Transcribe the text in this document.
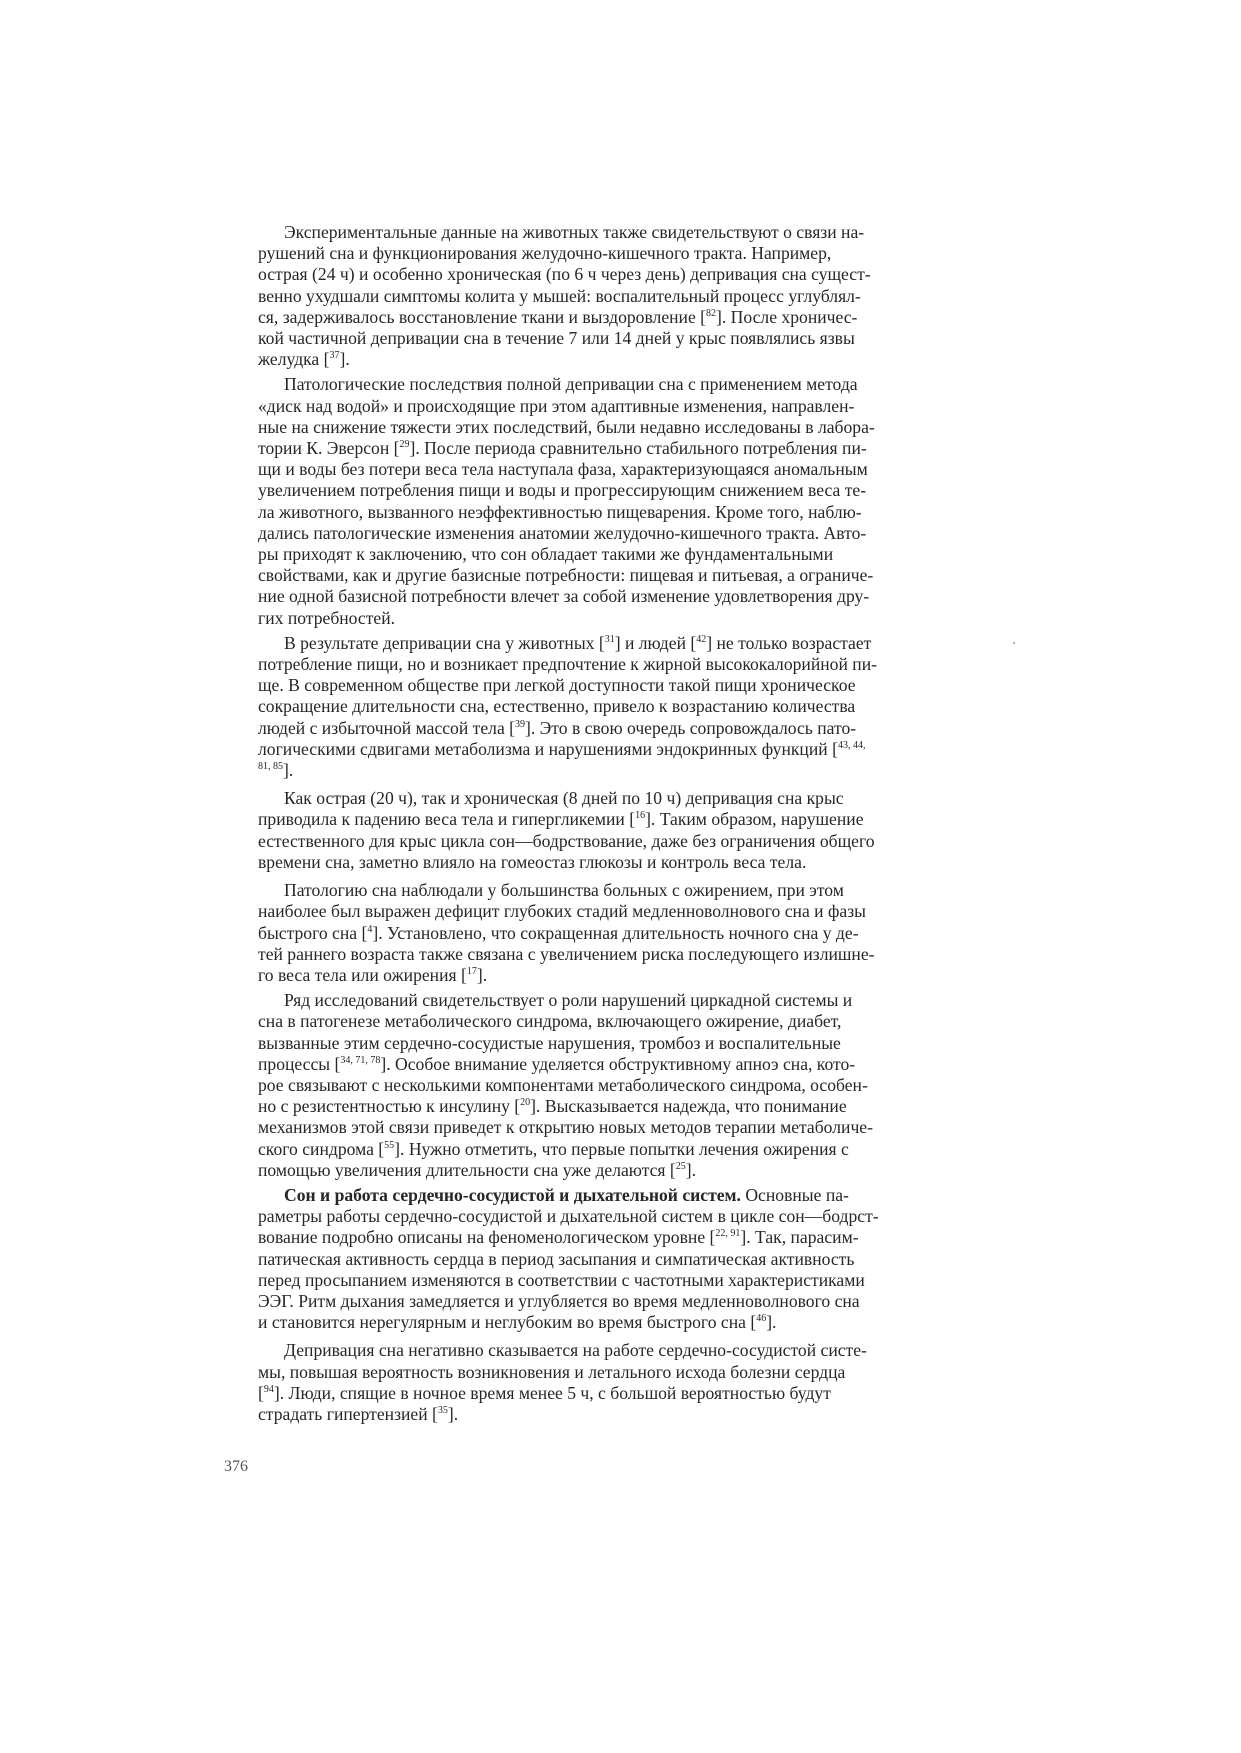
Экспериментальные данные на животных также свидетельствуют о связи на-
рушений сна и функционирования желудочно-кишечного тракта. Например,
острая (24 ч) и особенно хроническая (по 6 ч через день) депривация сна сущест-
венно ухудшали симптомы колита у мышей: воспалительный процесс углублял-
ся, задерживалось восстановление ткани и выздоровление [$^{82}$]. После хроничес-
кой частичной депривации сна в течение 7 или 14 дней у крыс появлялись язвы
желудка [$^{37}$].

Патологические последствия полной депривации сна с применением метода
«диск над водой» и происходящие при этом адаптивные изменения, направлен-
ные на снижение тяжести этих последствий, были недавно исследованы в лабора-
тории К. Эверсон [$^{29}$]. После периода сравнительно стабильного потребления пи-
щи и воды без потери веса тела наступала фаза, характеризующаяся аномальным
увеличением потребления пищи и воды и прогрессирующим снижением веса те-
ла животного, вызванного неэффективностью пищеварения. Кроме того, наблю-
дались патологические изменения анатомии желудочно-кишечного тракта. Авто-
ры приходят к заключению, что сон обладает такими же фундаментальными
свойствами, как и другие базисные потребности: пищевая и питьевая, а ограниче-
ние одной базисной потребности влечет за собой изменение удовлетворения дру-
гих потребностей.

В результате депривации сна у животных [$^{31}$] и людей [$^{42}$] не только возрастает
потребление пищи, но и возникает предпочтение к жирной высококалорийной пи-
ще. В современном обществе при легкой доступности такой пищи хроническое
сокращение длительности сна, естественно, привело к возрастанию количества
людей с избыточной массой тела [$^{39}$]. Это в свою очередь сопровождалось пато-
логическими сдвигами метаболизма и нарушениями эндокринных функций [$^{43, 44,}$
$^{81, 85}$].

Как острая (20 ч), так и хроническая (8 дней по 10 ч) депривация сна крыс
приводила к падению веса тела и гипергликемии [$^{16}$]. Таким образом, нарушение
естественного для крыс цикла сон—бодрствование, даже без ограничения общего
времени сна, заметно влияло на гомеостаз глюкозы и контроль веса тела.

Патологию сна наблюдали у большинства больных с ожирением, при этом
наиболее был выражен дефицит глубоких стадий медленноволнового сна и фазы
быстрого сна [$^4$]. Установлено, что сокращенная длительность ночного сна у де-
тей раннего возраста также связана с увеличением риска последующего излишне-
го веса тела или ожирения [$^{17}$].

Ряд исследований свидетельствует о роли нарушений циркадной системы и
сна в патогенезе метаболического синдрома, включающего ожирение, диабет,
вызванные этим сердечно-сосудистые нарушения, тромбоз и воспалительные
процессы [$^{34, 71, 78}$]. Особое внимание уделяется обструктивному апноэ сна, кото-
рое связывают с несколькими компонентами метаболического синдрома, особен-
но с резистентностью к инсулину [$^{20}$]. Высказывается надежда, что понимание
механизмов этой связи приведет к открытию новых методов терапии метаболиче-
ского синдрома [$^{55}$]. Нужно отметить, что первые попытки лечения ожирения с
помощью увеличения длительности сна уже делаются [$^{25}$].

Сон и работа сердечно-сосудистой и дыхательной систем. Основные па-
раметры работы сердечно-сосудистой и дыхательной систем в цикле сон—бодрст-
вование подробно описаны на феноменологическом уровне [$^{22, 91}$]. Так, парасим-
патическая активность сердца в период засыпания и симпатическая активность
перед просыпанием изменяются в соответствии с частотными характеристиками
ЭЭГ. Ритм дыхания замедляется и углубляется во время медленноволнового сна
и становится нерегулярным и неглубоким во время быстрого сна [$^{46}$].

Депривация сна негативно сказывается на работе сердечно-сосудистой систе-
мы, повышая вероятность возникновения и летального исхода болезни сердца
[$^{94}$]. Люди, спящие в ночное время менее 5 ч, с большой вероятностью будут
страдать гипертензией [$^{35}$].

376
